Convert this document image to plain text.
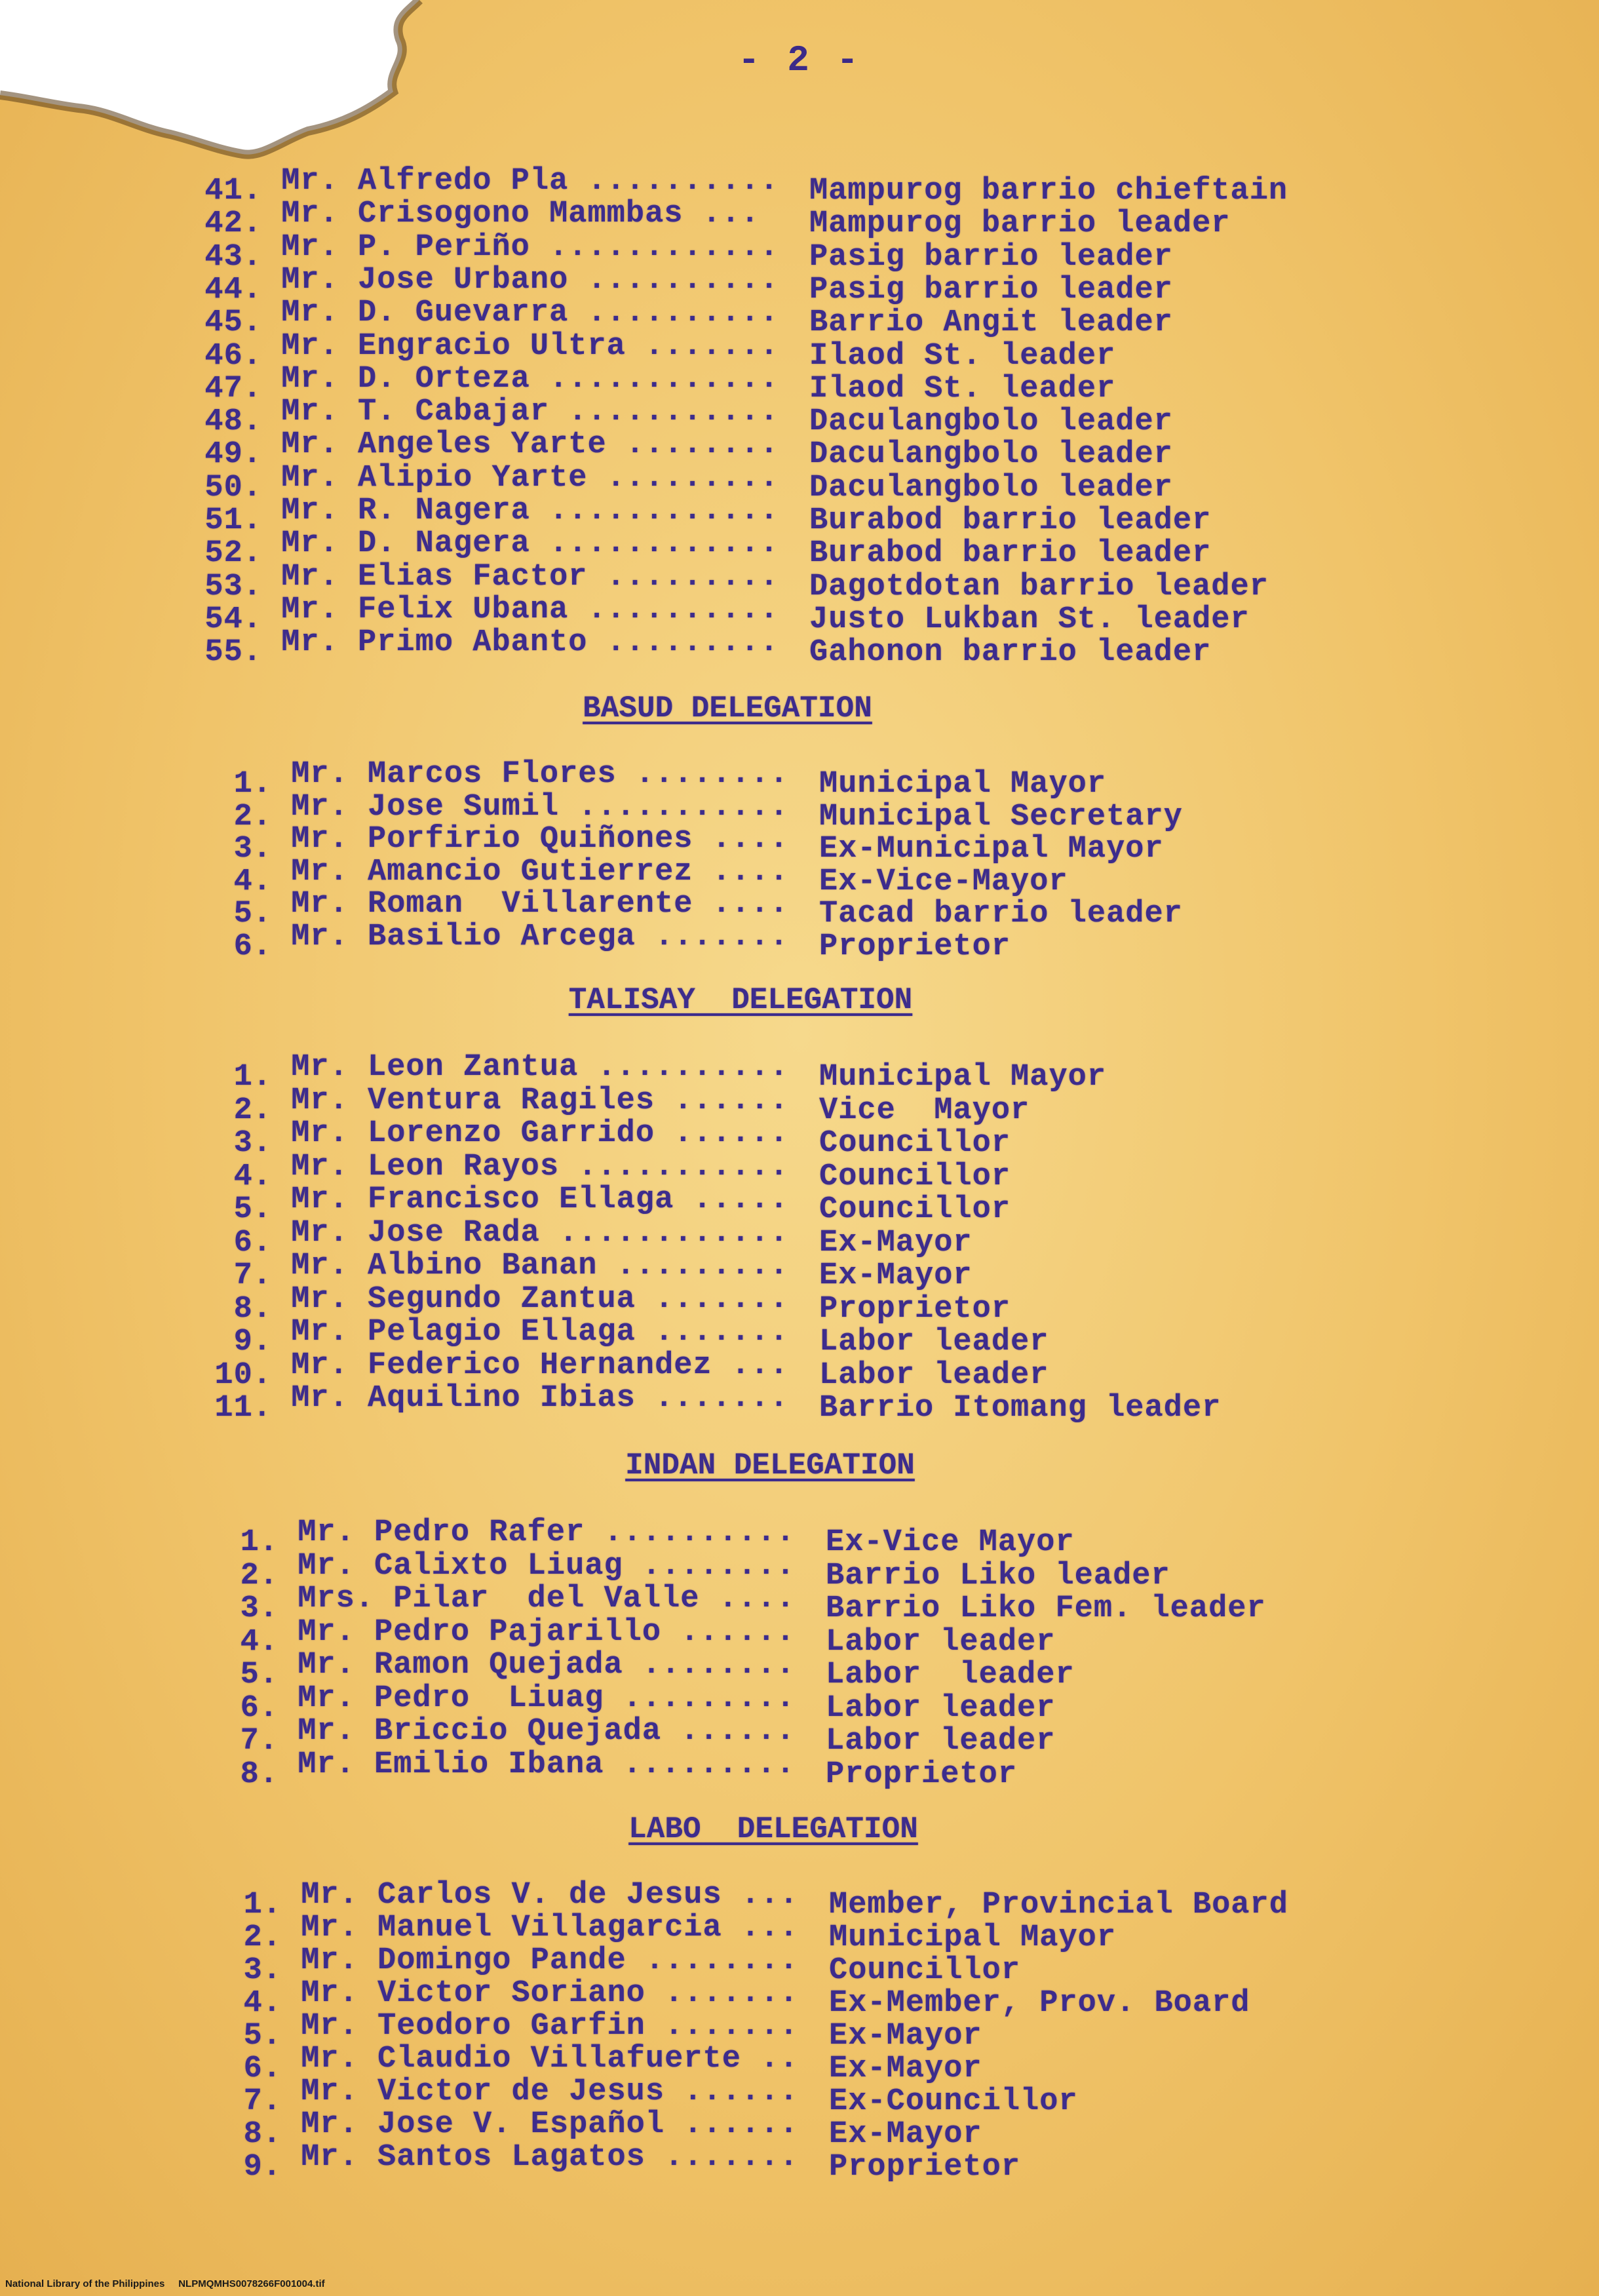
- 2 -
41. Mr. Alfredo Pla .......... Mampurog barrio chieftain
42. Mr. Crisogono Mammbas ... Mampurog barrio leader
43. Mr. P. Periño ............ Pasig barrio leader
44. Mr. Jose Urbano .......... Pasig barrio leader
45. Mr. D. Guevarra .......... Barrio Angit leader
46. Mr. Engracio Ultra ....... Ilaod St. leader
47. Mr. D. Orteza ............ Ilaod St. leader
48. Mr. T. Cabajar ........... Daculangbolo leader
49. Mr. Angeles Yarte ........ Daculangbolo leader
50. Mr. Alipio Yarte ......... Daculangbolo leader
51. Mr. R. Nagera ............ Burabod barrio leader
52. Mr. D. Nagera ............ Burabod barrio leader
53. Mr. Elias Factor ......... Dagotdotan barrio leader
54. Mr. Felix Ubana .......... Justo Lukban St. leader
55. Mr. Primo Abanto ......... Gahonon barrio leader
BASUD DELEGATION
1. Mr. Marcos Flores ........ Municipal Mayor
2. Mr. Jose Sumil ........... Municipal Secretary
3. Mr. Porfirio Quiñones .... Ex-Municipal Mayor
4. Mr. Amancio Gutierrez .... Ex-Vice-Mayor
5. Mr. Roman  Villarente .... Tacad barrio leader
6. Mr. Basilio Arcega ....... Proprietor
TALISAY  DELEGATION
1. Mr. Leon Zantua .......... Municipal Mayor
2. Mr. Ventura Ragiles ...... Vice  Mayor
3. Mr. Lorenzo Garrido ...... Councillor
4. Mr. Leon Rayos ........... Councillor
5. Mr. Francisco Ellaga ..... Councillor
6. Mr. Jose Rada ............ Ex-Mayor
7. Mr. Albino Banan ......... Ex-Mayor
8. Mr. Segundo Zantua ....... Proprietor
9. Mr. Pelagio Ellaga ....... Labor leader
10. Mr. Federico Hernandez ... Labor leader
11. Mr. Aquilino Ibias ....... Barrio Itomang leader
INDAN DELEGATION
1. Mr. Pedro Rafer .......... Ex-Vice Mayor
2. Mr. Calixto Liuag ........ Barrio Liko leader
3. Mrs. Pilar  del Valle .... Barrio Liko Fem. leader
4. Mr. Pedro Pajarillo ...... Labor leader
5. Mr. Ramon Quejada ........ Labor  leader
6. Mr. Pedro  Liuag ......... Labor leader
7. Mr. Briccio Quejada ...... Labor leader
8. Mr. Emilio Ibana ......... Proprietor
LABO  DELEGATION
1. Mr. Carlos V. de Jesus ... Member, Provincial Board
2. Mr. Manuel Villagarcia ... Municipal Mayor
3. Mr. Domingo Pande ........ Councillor
4. Mr. Victor Soriano ....... Ex-Member, Prov. Board
5. Mr. Teodoro Garfin ....... Ex-Mayor
6. Mr. Claudio Villafuerte .. Ex-Mayor
7. Mr. Victor de Jesus ...... Ex-Councillor
8. Mr. Jose V. Español ...... Ex-Mayor
9. Mr. Santos Lagatos ....... Proprietor
National Library of the Philippines     NLPMQMHS0078266F001004.tif
